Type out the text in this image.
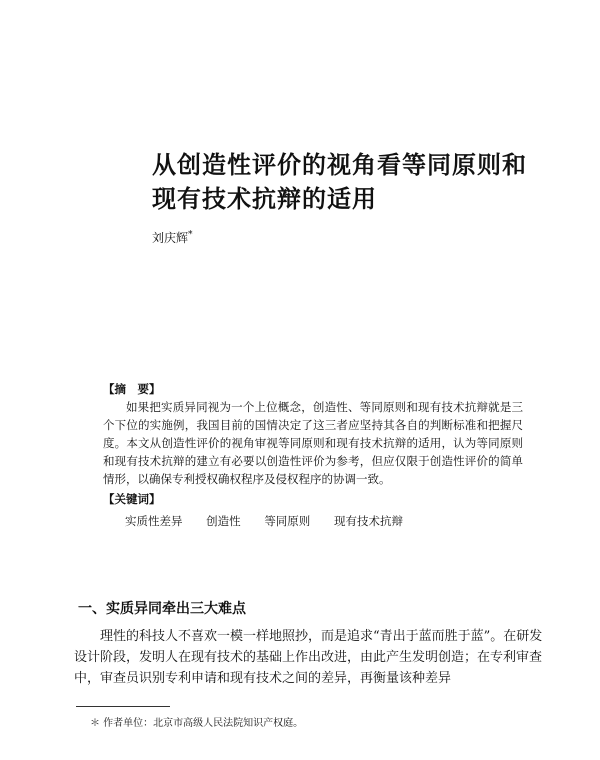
从创造性评价的视角看等同原则和
现有技术抗辩的适用
刘庆辉*
【摘　要】

如果把实质异同视为一个上位概念，创造性、等同原则和现有技术抗辩就是三个下位的实施例，我国目前的国情决定了这三者应坚持其各自的判断标准和把握尺度。本文从创造性评价的视角审视等同原则和现有技术抗辩的适用，认为等同原则和现有技术抗辩的建立有必要以创造性评价为参考，但应仅限于创造性评价的简单情形，以确保专利授权确权程序及侵权程序的协调一致。

【关键词】
实质性差异 创造性 等同原则 现有技术抗辩
一、实质异同牵出三大难点

理性的科技人不喜欢一模一样地照抄，而是追求“青出于蓝而胜于蓝”。在研发设计阶段，发明人在现有技术的基础上作出改进，由此产生发明创造；在专利审查中，审查员识别专利申请和现有技术之间的差异，再衡量该种差异

＊ 作者单位：北京市高级人民法院知识产权庭。
